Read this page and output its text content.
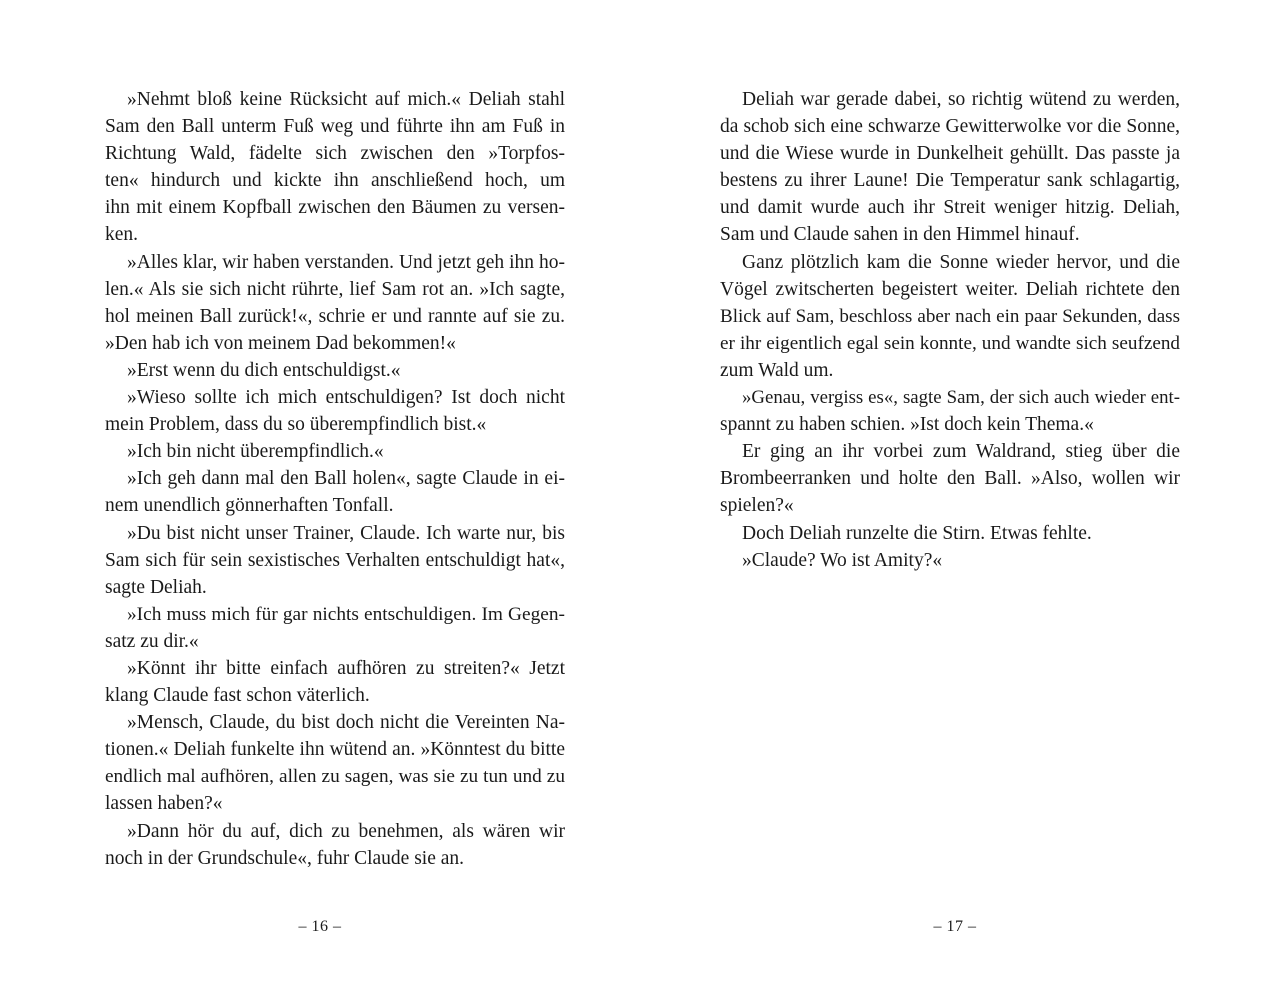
»Nehmt bloß keine Rücksicht auf mich.« Deliah stahl
Sam den Ball unterm Fuß weg und führte ihn am Fuß in
Richtung Wald, fädelte sich zwischen den »Torpfos-
ten« hindurch und kickte ihn anschließend hoch, um
ihn mit einem Kopfball zwischen den Bäumen zu versen-
ken.
»Alles klar, wir haben verstanden. Und jetzt geh ihn ho-
len.« Als sie sich nicht rührte, lief Sam rot an. »Ich sagte,
hol meinen Ball zurück!«, schrie er und rannte auf sie zu.
»Den hab ich von meinem Dad bekommen!«
»Erst wenn du dich entschuldigst.«
»Wieso sollte ich mich entschuldigen? Ist doch nicht
mein Problem, dass du so überempfindlich bist.«
»Ich bin nicht überempfindlich.«
»Ich geh dann mal den Ball holen«, sagte Claude in ei-
nem unendlich gönnerhaften Tonfall.
»Du bist nicht unser Trainer, Claude. Ich warte nur, bis
Sam sich für sein sexistisches Verhalten entschuldigt hat«,
sagte Deliah.
»Ich muss mich für gar nichts entschuldigen. Im Gegen-
satz zu dir.«
»Könnt ihr bitte einfach aufhören zu streiten?« Jetzt
klang Claude fast schon väterlich.
»Mensch, Claude, du bist doch nicht die Vereinten Na-
tionen.« Deliah funkelte ihn wütend an. »Könntest du bitte
endlich mal aufhören, allen zu sagen, was sie zu tun und zu
lassen haben?«
»Dann hör du auf, dich zu benehmen, als wären wir
noch in der Grundschule«, fuhr Claude sie an.
– 16 –
Deliah war gerade dabei, so richtig wütend zu werden,
da schob sich eine schwarze Gewitterwolke vor die Sonne,
und die Wiese wurde in Dunkelheit gehüllt. Das passte ja
bestens zu ihrer Laune! Die Temperatur sank schlagartig,
und damit wurde auch ihr Streit weniger hitzig. Deliah,
Sam und Claude sahen in den Himmel hinauf.
Ganz plötzlich kam die Sonne wieder hervor, und die
Vögel zwitscherten begeistert weiter. Deliah richtete den
Blick auf Sam, beschloss aber nach ein paar Sekunden, dass
er ihr eigentlich egal sein konnte, und wandte sich seufzend
zum Wald um.
»Genau, vergiss es«, sagte Sam, der sich auch wieder ent-
spannt zu haben schien. »Ist doch kein Thema.«
Er ging an ihr vorbei zum Waldrand, stieg über die
Brombeerranken und holte den Ball. »Also, wollen wir
spielen?«
Doch Deliah runzelte die Stirn. Etwas fehlte.
»Claude? Wo ist Amity?«
– 17 –
